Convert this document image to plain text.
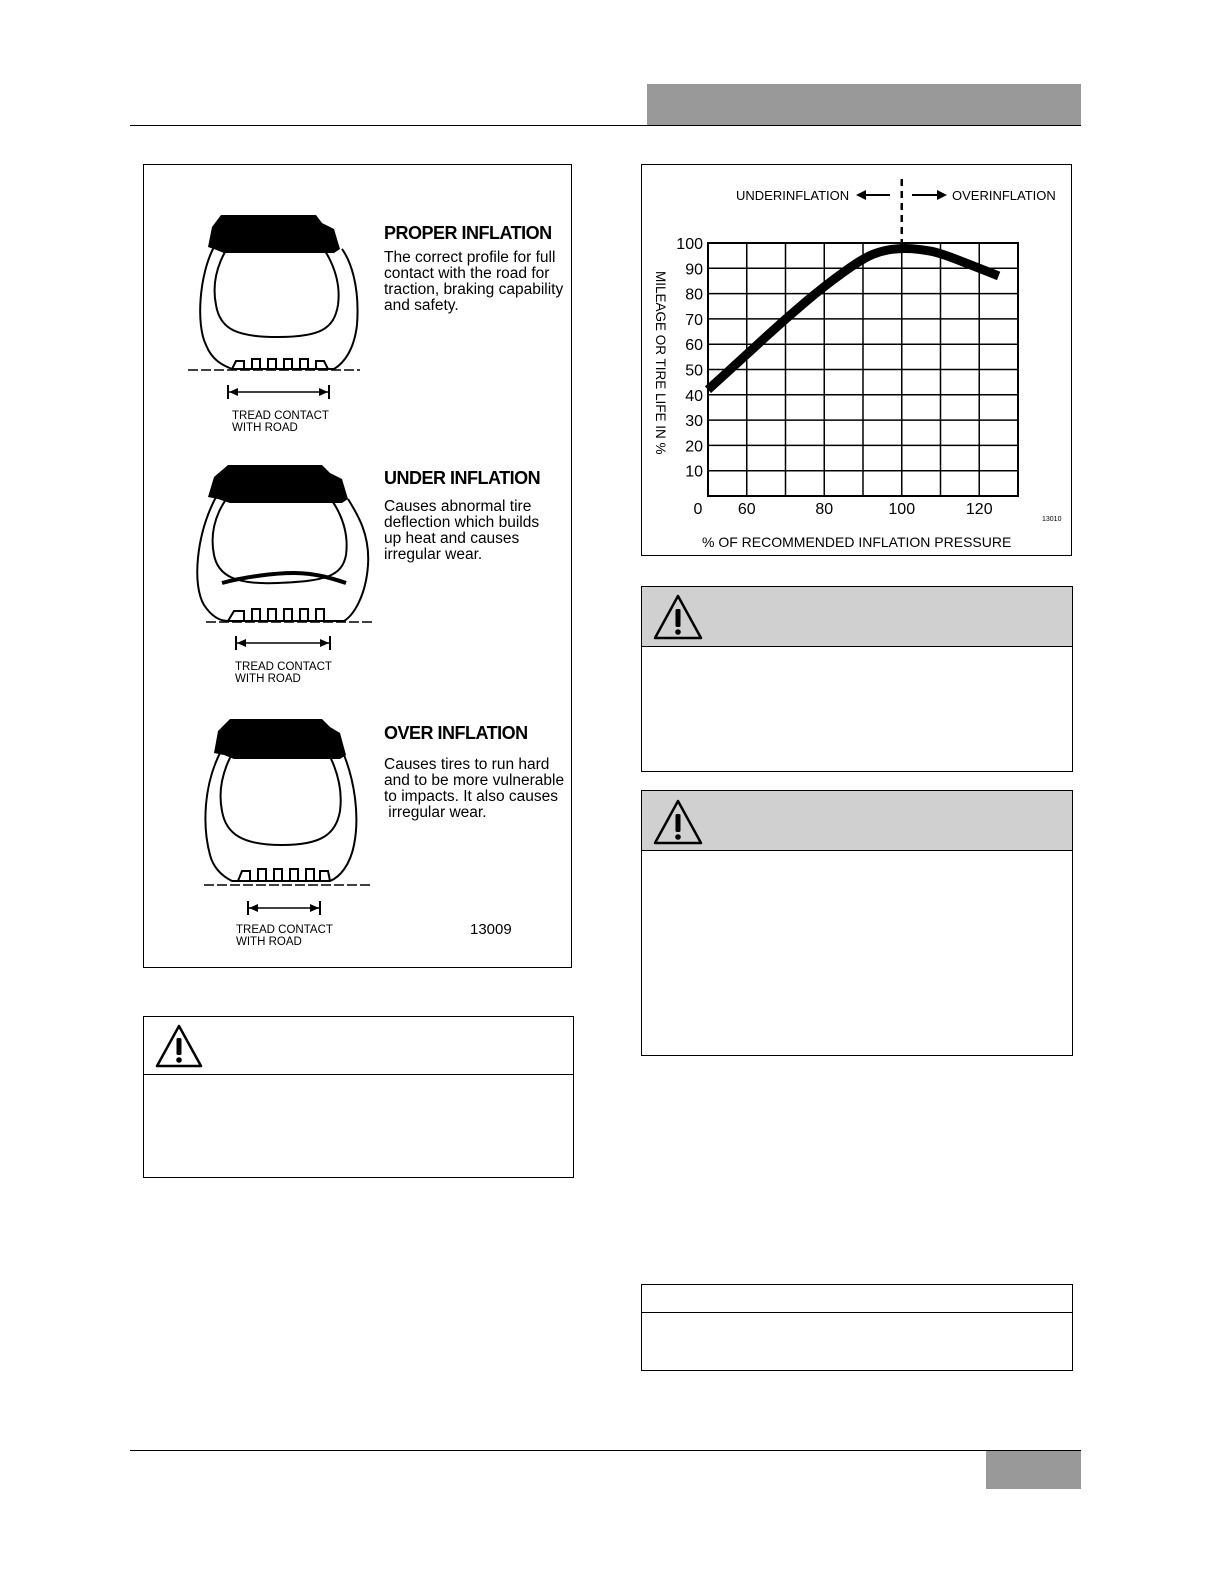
PROPER INFLATION
The correct profile for full
contact with the road for
traction, braking capability
and safety.
TREAD CONTACT
WITH ROAD
UNDER INFLATION
Causes abnormal tire
deflection which builds
up heat and causes
irregular wear.
TREAD CONTACT
WITH ROAD
OVER INFLATION
Causes tires to run hard
and to be more vulnerable
to impacts. It also causes
irregular wear.
TREAD CONTACT
WITH ROAD
13009
100
90
80
70
60
50
40
30
20
10
0 60	80	100	120
UNDERINFLATION	OVERINFLATION
MILEAGE OR TIRE LIFE IN %
% OF RECOMMENDED INFLATION PRESSURE
13010
